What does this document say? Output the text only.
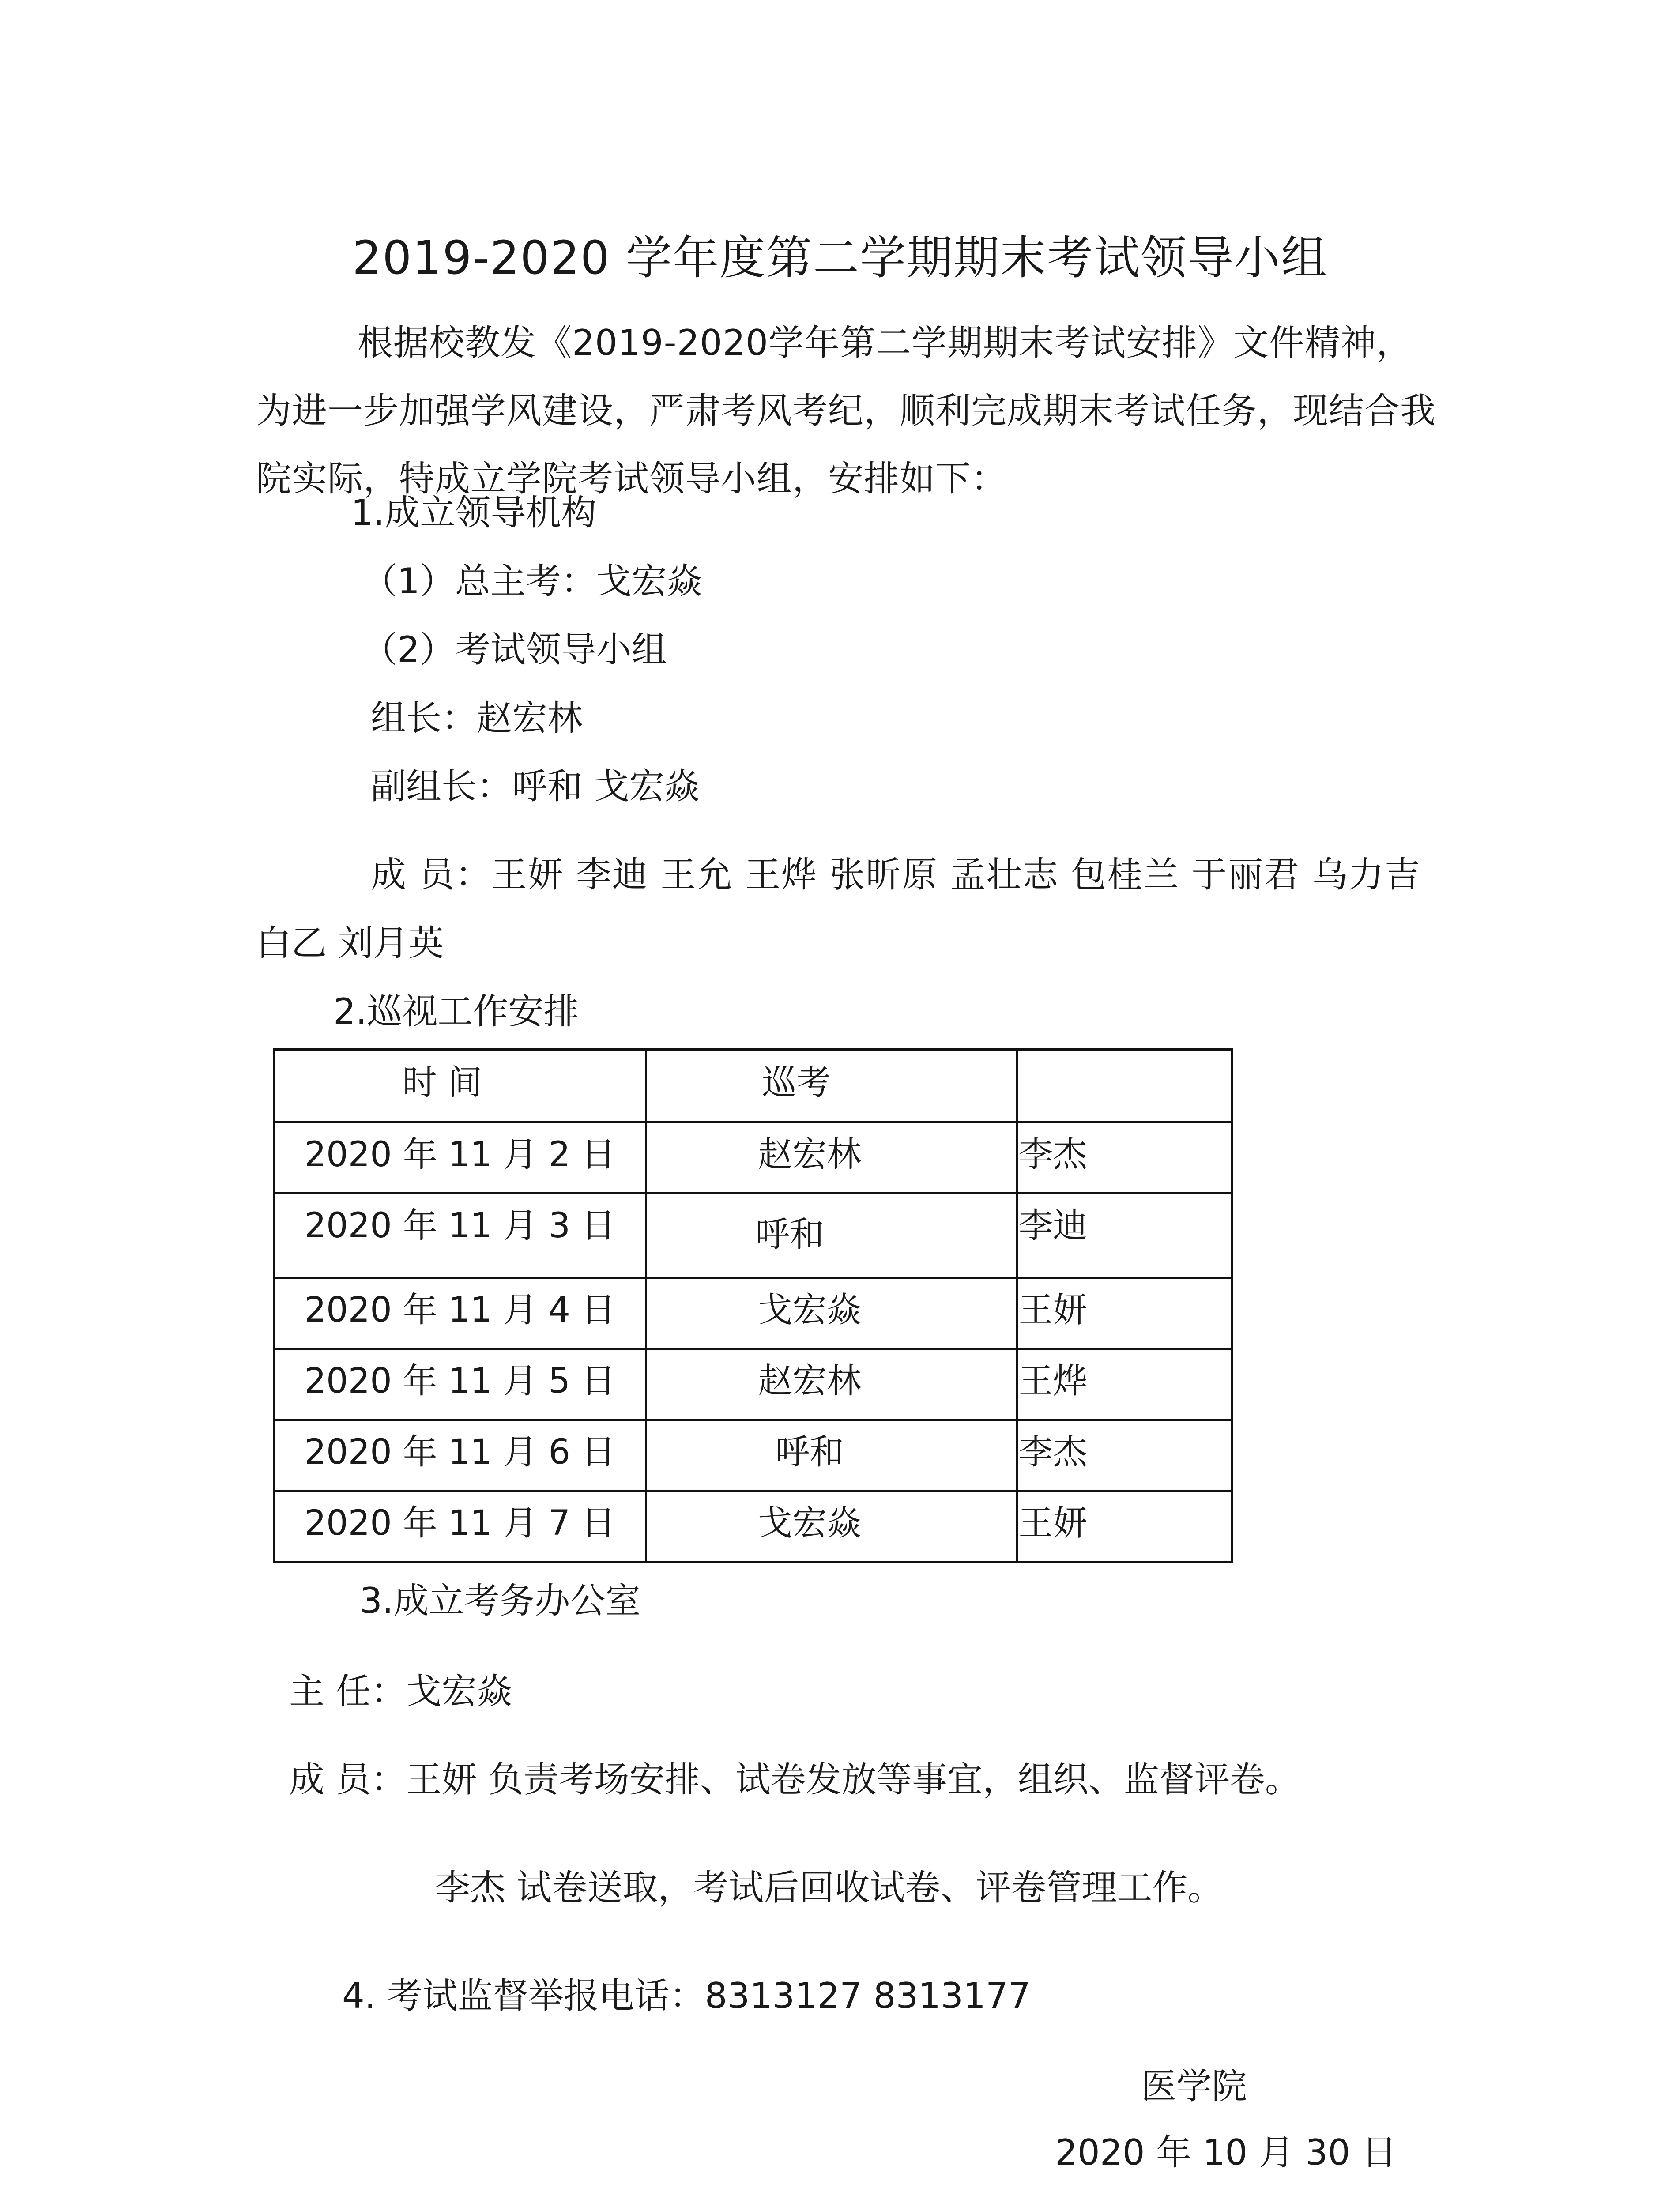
2019-2020 学年度第二学期期末考试领导小组
根据校教发《2019-2020学年第二学期期末考试安排》文件精神，为进一步加强学风建设，严肃考风考纪，顺利完成期末考试任务，现结合我院实际，特成立学院考试领导小组，安排如下：
1.成立领导机构
（1）总主考：戈宏焱
（2）考试领导小组
组长：赵宏林
副组长：呼和 戈宏焱
成 员：王妍 李迪 王允 王烨 张昕原 孟壮志 包桂兰 于丽君 乌力吉
白乙 刘月英
2.巡视工作安排
时 间	巡考	
2020 年 11 月 2 日	赵宏林	李杰
2020 年 11 月 3 日	呼和	李迪
2020 年 11 月 4 日	戈宏焱	王妍
2020 年 11 月 5 日	赵宏林	王烨
2020 年 11 月 6 日	呼和	李杰
2020 年 11 月 7 日	戈宏焱	王妍
3.成立考务办公室
主 任：戈宏焱
成 员：王妍 负责考场安排、试卷发放等事宜，组织、监督评卷。
李杰 试卷送取，考试后回收试卷、评卷管理工作。
4. 考试监督举报电话：8313127 8313177
医学院
2020 年 10 月 30 日
